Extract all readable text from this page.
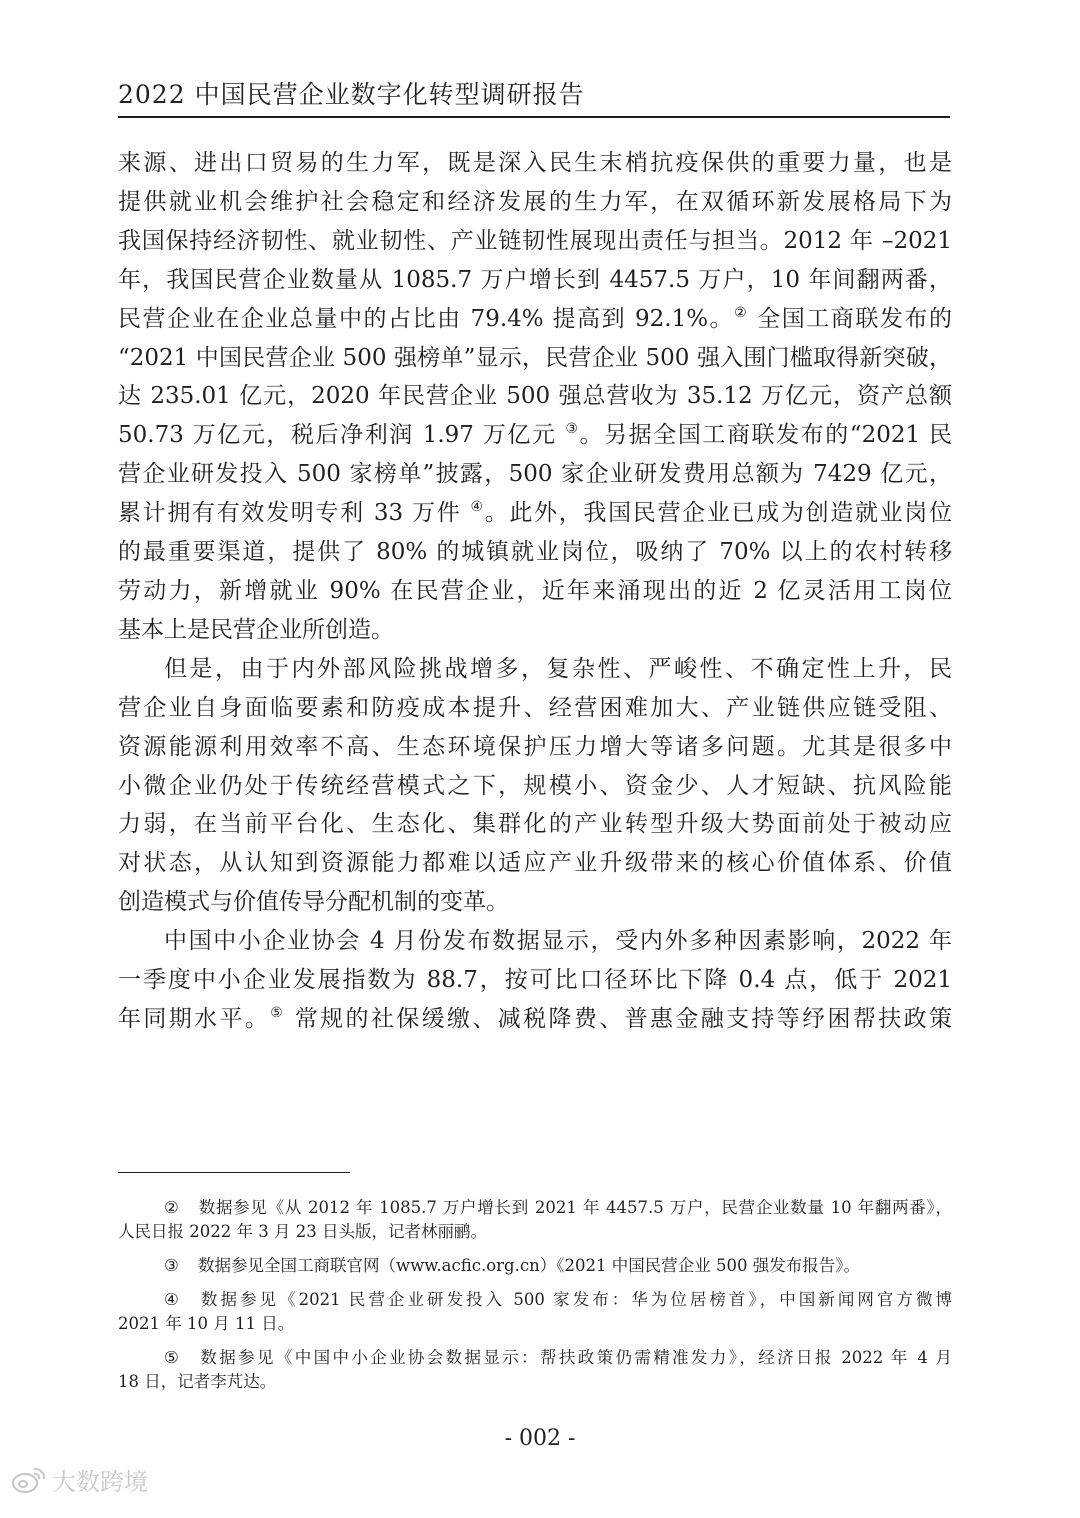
2022 中国民营企业数字化转型调研报告

来源、进出口贸易的生力军，既是深入民生末梢抗疫保供的重要力量，也是
提供就业机会维护社会稳定和经济发展的生力军，在双循环新发展格局下为
我国保持经济韧性、就业韧性、产业链韧性展现出责任与担当。2012 年 –2021
年，我国民营企业数量从 1085.7 万户增长到 4457.5 万户，10 年间翻两番，
民营企业在企业总量中的占比由 79.4% 提高到 92.1%。② 全国工商联发布的
“2021 中国民营企业 500 强榜单”显示，民营企业 500 强入围门槛取得新突破，
达 235.01 亿元，2020 年民营企业 500 强总营收为 35.12 万亿元，资产总额
50.73 万亿元，税后净利润 1.97 万亿元 ③。另据全国工商联发布的“2021 民
营企业研发投入 500 家榜单”披露，500 家企业研发费用总额为 7429 亿元，
累计拥有有效发明专利 33 万件 ④。此外，我国民营企业已成为创造就业岗位
的最重要渠道，提供了 80% 的城镇就业岗位，吸纳了 70% 以上的农村转移
劳动力，新增就业 90% 在民营企业，近年来涌现出的近 2 亿灵活用工岗位
基本上是民营企业所创造。

但是，由于内外部风险挑战增多，复杂性、严峻性、不确定性上升，民
营企业自身面临要素和防疫成本提升、经营困难加大、产业链供应链受阻、
资源能源利用效率不高、生态环境保护压力增大等诸多问题。尤其是很多中
小微企业仍处于传统经营模式之下，规模小、资金少、人才短缺、抗风险能
力弱，在当前平台化、生态化、集群化的产业转型升级大势面前处于被动应
对状态，从认知到资源能力都难以适应产业升级带来的核心价值体系、价值
创造模式与价值传导分配机制的变革。

中国中小企业协会 4 月份发布数据显示，受内外多种因素影响，2022 年
一季度中小企业发展指数为 88.7，按可比口径环比下降 0.4 点，低于 2021
年同期水平。⑤ 常规的社保缓缴、减税降费、普惠金融支持等纾困帮扶政策

② 数据参见《从 2012 年 1085.7 万户增长到 2021 年 4457.5 万户，民营企业数量 10 年翻两番》，
人民日报 2022 年 3 月 23 日头版，记者林丽鹂。
③ 数据参见全国工商联官网（www.acfic.org.cn）《2021 中国民营企业 500 强发布报告》。
④ 数据参见《2021 民营企业研发投入 500 家发布：华为位居榜首》，中国新闻网官方微博
2021 年 10 月 11 日。
⑤ 数据参见《中国中小企业协会数据显示：帮扶政策仍需精准发力》，经济日报 2022 年 4 月
18 日，记者李芃达。
- 002 -
大数跨境
